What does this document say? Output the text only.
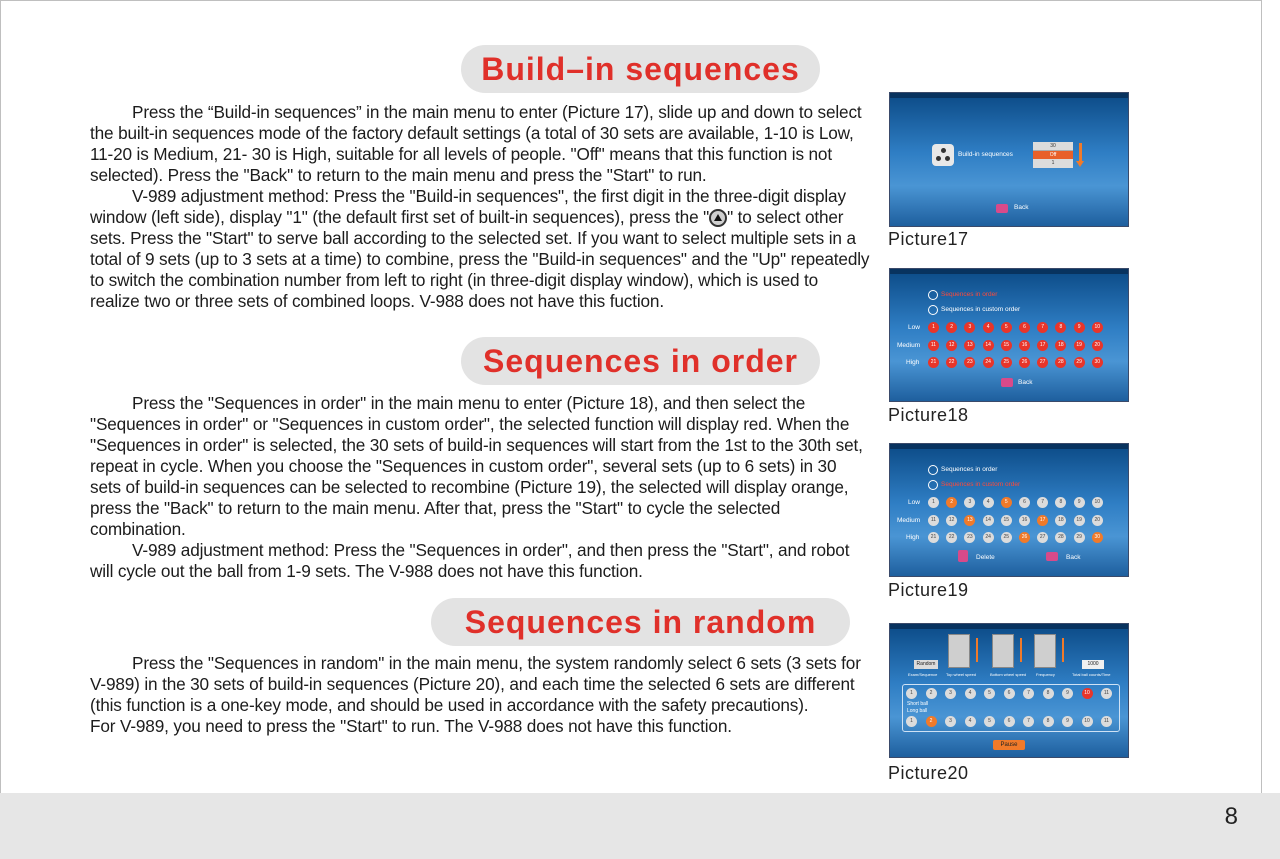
Build–in sequences

Press the “Build-in sequences” in the main menu to enter (Picture 17), slide up and down to select the built-in sequences mode of the factory default settings (a total of 30 sets are available, 1-10 is Low, 11-20 is Medium, 21- 30 is High, suitable for all levels of people. "Off" means that this function is not selected). Press the "Back" to return to the main menu and press the "Start" to run.

V-989 adjustment method: Press the "Build-in sequences", the first digit in the three-digit display window (left side), display "1" (the default first set of built-in sequences), press the " " to select other sets. Press the "Start" to serve ball according to the selected set. If you want to select multiple sets in a total of 9 sets (up to 3 sets at a time) to combine, press the "Build-in sequences" and the "Up" repeatedly to switch the combination number from left to right (in three-digit display window), which is used to realize two or three sets of combined loops. V-988 does not have this fuction.

Sequences in order

Press the "Sequences in order" in the main menu to enter (Picture 18), and then select the "Sequences in order" or "Sequences in custom order", the selected function will display red. When the "Sequences in order" is selected, the 30 sets of build-in sequences will start from the 1st to the 30th set, repeat in cycle. When you choose the "Sequences in custom order", several sets (up to 6 sets) in 30 sets of build-in sequences can be selected to recombine (Picture 19), the selected will display orange, press the "Back" to return to the main menu. After that, press the "Start" to cycle the selected combination.

V-989 adjustment method: Press the "Sequences in order", and then press the "Start", and robot will cycle out the ball from 1-9 sets. The V-988 does not have this function.

Sequences in random

Press the "Sequences in random" in the main menu, the system randomly select 6 sets (3 sets for V-989) in the 30 sets of build-in sequences (Picture 20), and each time the selected 6 sets are different (this function is a one-key mode, and should be used in accordance with the safety precautions).

For V-989, you need to press the "Start" to run. The V-988 does not have this function.

Build-in sequences
30
Off
1
Back
Picture17
Sequences in order
Sequences in custom order
Low
Medium
High
Back
1	2	3	4	5	6	7	8	9	10
11	12	13	14	15	16	17	18	19	20
21	22	23	24	25	26	27	28	29	30
Picture18
Sequences in order
Sequences in custom order
Low
Medium
High
Delete	Back
1	2	3	4	5	6	7	8	9	10
11	12	13	14	15	16	17	18	19	20
21	22	23	24	25	26	27	28	29	30
Picture19
Random	1000
Exam/Sequence Top wheel speed	Bottom wheel speed Frequency	Total ball counts/Time
Short ball
Long ball
Pause
1	2	3	4	5	6	7	8	9	10	11
1	2	3	4	5	6	7	8	9	10	11
Picture20
8
